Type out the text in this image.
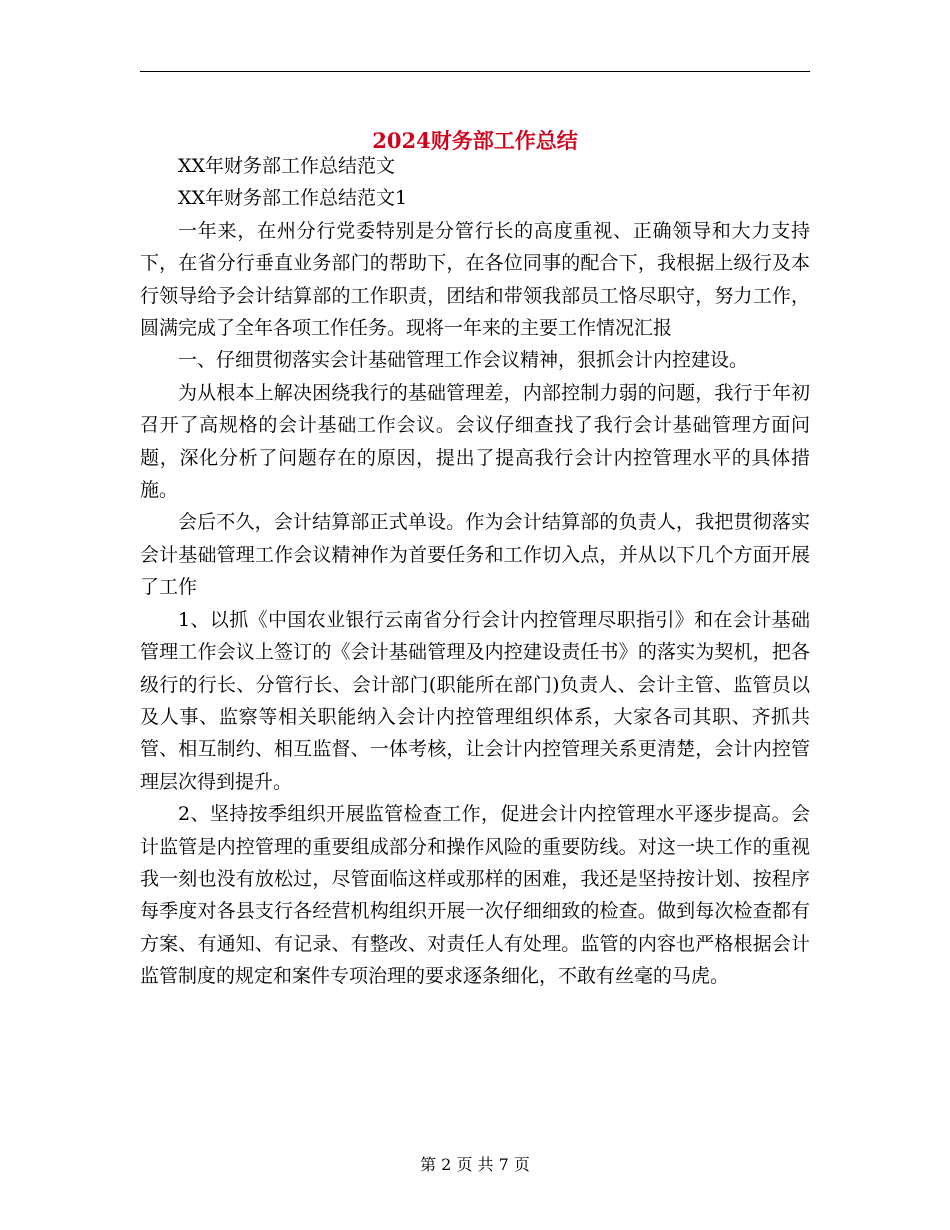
2024财务部工作总结

XX年财务部工作总结范文

XX年财务部工作总结范文1

一年来，在州分行党委特别是分管行长的高度重视、正确领导和大力支持下，在省分行垂直业务部门的帮助下，在各位同事的配合下，我根据上级行及本行领导给予会计结算部的工作职责，团结和带领我部员工恪尽职守，努力工作，圆满完成了全年各项工作任务。现将一年来的主要工作情况汇报

一、仔细贯彻落实会计基础管理工作会议精神，狠抓会计内控建设。

为从根本上解决困绕我行的基础管理差，内部控制力弱的问题，我行于年初召开了高规格的会计基础工作会议。会议仔细查找了我行会计基础管理方面问题，深化分析了问题存在的原因，提出了提高我行会计内控管理水平的具体措施。

会后不久，会计结算部正式单设。作为会计结算部的负责人，我把贯彻落实会计基础管理工作会议精神作为首要任务和工作切入点，并从以下几个方面开展了工作

1、以抓《中国农业银行云南省分行会计内控管理尽职指引》和在会计基础管理工作会议上签订的《会计基础管理及内控建设责任书》的落实为契机，把各级行的行长、分管行长、会计部门(职能所在部门)负责人、会计主管、监管员以及人事、监察等相关职能纳入会计内控管理组织体系，大家各司其职、齐抓共管、相互制约、相互监督、一体考核，让会计内控管理关系更清楚，会计内控管理层次得到提升。

2、坚持按季组织开展监管检查工作，促进会计内控管理水平逐步提高。会计监管是内控管理的重要组成部分和操作风险的重要防线。对这一块工作的重视我一刻也没有放松过，尽管面临这样或那样的困难，我还是坚持按计划、按程序每季度对各县支行各经营机构组织开展一次仔细细致的检查。做到每次检查都有方案、有通知、有记录、有整改、对责任人有处理。监管的内容也严格根据会计监管制度的规定和案件专项治理的要求逐条细化，不敢有丝毫的马虎。

第 2 页 共 7 页
